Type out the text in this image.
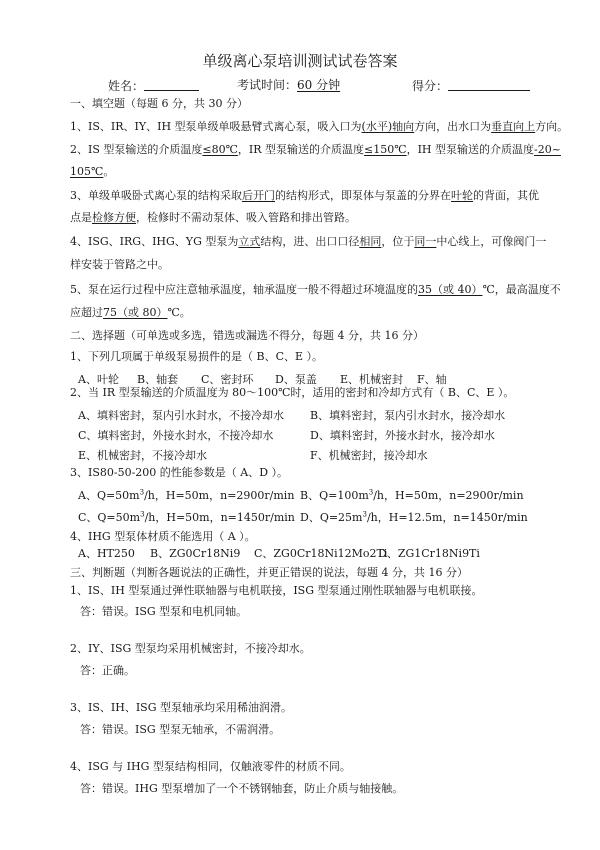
单级离心泵培训测试试卷答案
姓名：	考试时间：60 分钟	得分：
一、填空题（每题 6 分，共 30 分）
1、IS、IR、IY、IH 型泵单级单吸悬臂式离心泵，吸入口为(水平)轴向方向，出水口为垂直向上方向。
2、IS 型泵输送的介质温度≤80℃，IR 型泵输送的介质温度≤150℃，IH 型泵输送的介质温度-20~
105℃。
3、单级单吸卧式离心泵的结构采取后开门的结构形式，即泵体与泵盖的分界在叶轮的背面，其优
点是检修方便，检修时不需动泵体、吸入管路和排出管路。
4、ISG、IRG、IHG、YG 型泵为立式结构，进、出口口径相同，位于同一中心线上，可像阀门一
样安装于管路之中。
5、泵在运行过程中应注意轴承温度，轴承温度一般不得超过环境温度的35（或 40）℃，最高温度不
应超过75（或 80）℃。
二、选择题（可单选或多选，错选或漏选不得分，每题 4 分，共 16 分）
1、下列几项属于单级泵易损件的是（ B、C、E ）。
A、叶轮 B、轴套 C、密封环 D、泵盖 E、机械密封 F、轴
2、当 IR 型泵输送的介质温度为 80～100℃时，适用的密封和冷却方式有（ B、C、E ）。
A、填料密封，泵内引水封水，不接冷却水 B、填料密封，泵内引水封水，接冷却水
C、填料密封，外接水封水，不接冷却水	D、填料密封，外接水封水，接冷却水
E、机械密封，不接冷却水	F、机械密封，接冷却水
3、IS80-50-200 的性能参数是（ A、D ）。
A、$Q=50m^3/h$，H=50m，n=2900r/min B、$Q=100m^3/h$，H=50m，n=2900r/min
C、$Q=50m^3/h$，H=50m，n=1450r/min D、$Q=25m^3/h$，H=12.5m，n=1450r/min
4、IHG 型泵体材质不能选用（ A ）。
A、HT250 B、ZG0Cr18Ni9 C、ZG0Cr18Ni12Mo2Ti
D、ZG1Cr18Ni9Ti
三、判断题（判断各题说法的正确性，并更正错误的说法，每题 4 分，共 16 分）
1、IS、IH 型泵通过弹性联轴器与电机联接，ISG 型泵通过刚性联轴器与电机联接。
答：错误。ISG 型泵和电机同轴。
2、IY、ISG 型泵均采用机械密封，不接冷却水。
答：正确。
3、IS、IH、ISG 型泵轴承均采用稀油润滑。
答：错误。ISG 型泵无轴承，不需润滑。
4、ISG 与 IHG 型泵结构相同，仅触液零件的材质不同。
答：错误。IHG 型泵增加了一个不锈钢轴套，防止介质与轴接触。
